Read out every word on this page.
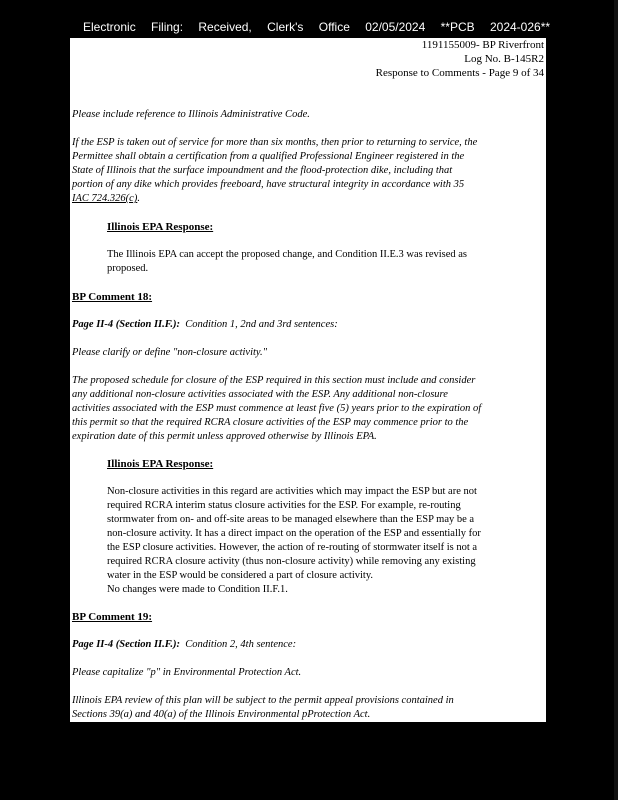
Electronic Filing: Received, Clerk's Office 02/05/2024 **PCB 2024-026**
1191155009- BP Riverfront
Log No. B-145R2
Response to Comments - Page 9 of 34

Please include reference to Illinois Administrative Code.

If the ESP is taken out of service for more than six months, then prior to returning to service, the
Permittee shall obtain a certification from a qualified Professional Engineer registered in the
State of Illinois that the surface impoundment and the flood-protection dike, including that
portion of any dike which provides freeboard, have structural integrity in accordance with 35
IAC 724.326(c).
Illinois EPA Response:
The Illinois EPA can accept the proposed change, and Condition II.E.3 was revised as
proposed.
BP Comment 18:
Page II-4 (Section II.F.): Condition 1, 2nd and 3rd sentences:

Please clarify or define "non-closure activity."

The proposed schedule for closure of the ESP required in this section must include and consider
any additional non-closure activities associated with the ESP. Any additional non-closure
activities associated with the ESP must commence at least five (5) years prior to the expiration of
this permit so that the required RCRA closure activities of the ESP may commence prior to the
expiration date of this permit unless approved otherwise by Illinois EPA.
Illinois EPA Response:
Non-closure activities in this regard are activities which may impact the ESP but are not
required RCRA interim status closure activities for the ESP. For example, re-routing
stormwater from on- and off-site areas to be managed elsewhere than the ESP may be a
non-closure activity. It has a direct impact on the operation of the ESP and essentially for
the ESP closure activities. However, the action of re-routing of stormwater itself is not a
required RCRA closure activity (thus non-closure activity) while removing any existing
water in the ESP would be considered a part of closure activity.
No changes were made to Condition II.F.1.
BP Comment 19:
Page II-4 (Section II.F.): Condition 2, 4th sentence:

Please capitalize "p" in Environmental Protection Act.

Illinois EPA review of this plan will be subject to the permit appeal provisions contained in
Sections 39(a) and 40(a) of the Illinois Environmental pProtection Act.
